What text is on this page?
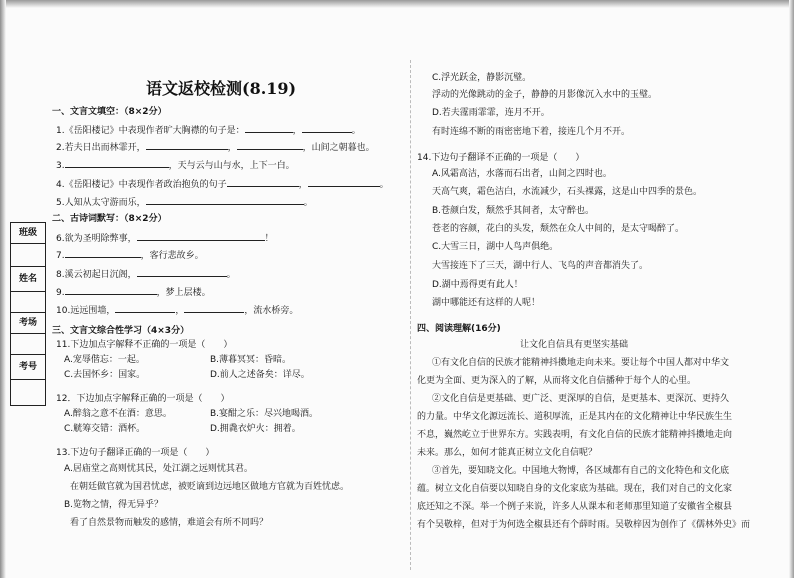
语文返校检测(8.19)
班级
姓名
考场
考号
一、文言文填空：（8×2分）
1.《岳阳楼记》中表现作者旷大胸襟的句子是：	，	。
2.若夫日出而林霏开，	，	，山间之朝暮也。
3.	，天与云与山与水，上下一白。
4.《岳阳楼记》中表现作者政治抱负的句子	，	。
5.人知从太守游而乐，	。
二、古诗词默写：（8×2分）
6.欲为圣明除弊事，	！
7.	，客行悲故乡。
8.溪云初起日沉阁，	。
9.	，梦上层楼。
10.远远围墙，	，	，流水桥旁。
三、文言文综合性学习（4×3分）
11.下边加点字解释不正确的一项是（　　）
A.宠辱偕忘：一起。	B.薄暮冥冥：昏暗。
C.去国怀乡：国家。	D.前人之述备矣：详尽。
12．下边加点字解释正确的一项是（　　）
A.醉翁之意不在酒：意思。	B.宴酣之乐：尽兴地喝酒。
C.觥筹交错：酒杯。	D.拥毳衣炉火：拥着。
13.下边句子翻译正确的一项是（　　）
A.居庙堂之高则忧其民，处江湖之远则忧其君。
在朝廷做官就为国君忧虑，被贬谪到边远地区做地方官就为百姓忧虑。
B.览物之情，得无异乎？
看了自然景物而触发的感情，难道会有所不同吗？
C.浮光跃金，静影沉璧。
浮动的光像跳动的金子，静静的月影像沉入水中的玉璧。
D.若夫霪雨霏霏，连月不开。
有时连绵不断的雨密密地下着，接连几个月不开。
14.下边句子翻译不正确的一项是（　　）
A.风霜高洁，水落而石出者，山间之四时也。
天高气爽，霜色洁白，水流减少，石头裸露，这是山中四季的景色。
B.苍颜白发，颓然乎其间者，太守醉也。
苍老的容颜，花白的头发，颓然在众人中间的，是太守喝醉了。
C.大雪三日，湖中人鸟声俱绝。
大雪接连下了三天，湖中行人、飞鸟的声音都消失了。
D.湖中焉得更有此人！
湖中哪能还有这样的人呢！
四、阅读理解(16分)
让文化自信具有更坚实基础
①有文化自信的民族才能精神抖擞地走向未来。要让每个中国人都对中华文
化更为全面、更为深入的了解，从而将文化自信播种于每个人的心里。
②文化自信是更基础、更广泛、更深厚的自信，是更基本、更深沉、更持久
的力量。中华文化源远流长、道积厚流，正是其内在的文化精神让中华民族生生
不息，巍然屹立于世界东方。实践表明，有文化自信的民族才能精神抖擞地走向
未来。那么，如何才能真正树立文化自信呢？
③首先，要知晓文化。中国地大物博，各区域都有自己的文化特色和文化底
蕴。树立文化自信要以知晓自身的文化家底为基础。现在，我们对自己的文化家
底还知之不深。举一个例子来说，许多人从课本和老师那里知道了安徽省全椒县
有个吴敬梓，但对于为何选全椒县还有个薛时雨。吴敬梓因为创作了《儒林外史》而
